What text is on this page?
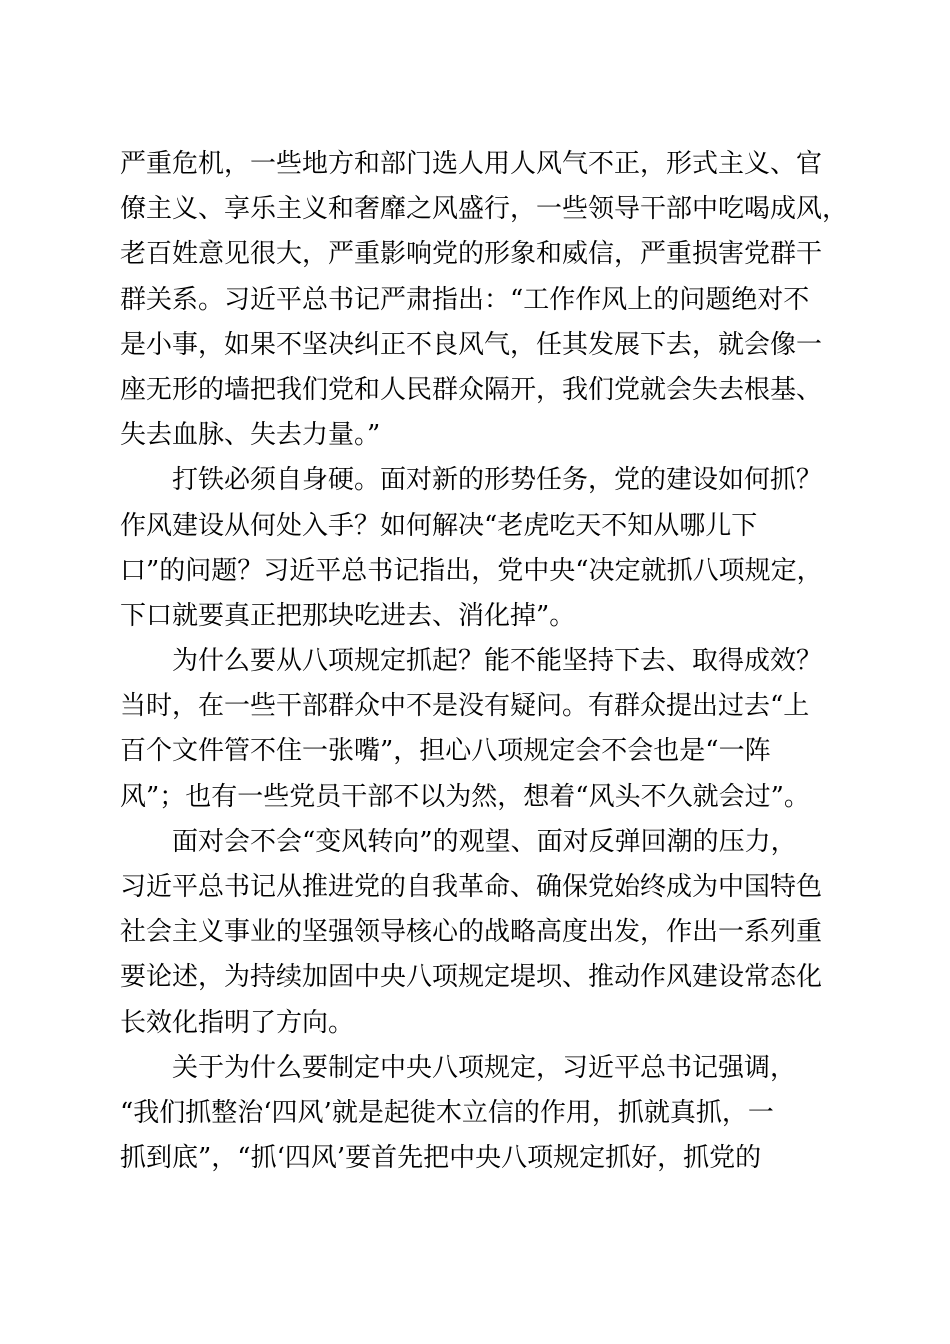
严重危机，一些地方和部门选人用人风气不正，形式主义、官
僚主义、享乐主义和奢靡之风盛行，一些领导干部中吃喝成风，
老百姓意见很大，严重影响党的形象和威信，严重损害党群干
群关系。习近平总书记严肃指出：“工作作风上的问题绝对不
是小事，如果不坚决纠正不良风气，任其发展下去，就会像一
座无形的墙把我们党和人民群众隔开，我们党就会失去根基、
失去血脉、失去力量。”
打铁必须自身硬。面对新的形势任务，党的建设如何抓？
作风建设从何处入手？如何解决“老虎吃天不知从哪儿下
口”的问题？习近平总书记指出，党中央“决定就抓八项规定，
下口就要真正把那块吃进去、消化掉”。
为什么要从八项规定抓起？能不能坚持下去、取得成效？
当时，在一些干部群众中不是没有疑问。有群众提出过去“上
百个文件管不住一张嘴”，担心八项规定会不会也是“一阵
风”；也有一些党员干部不以为然，想着“风头不久就会过”。
面对会不会“变风转向”的观望、面对反弹回潮的压力，
习近平总书记从推进党的自我革命、确保党始终成为中国特色
社会主义事业的坚强领导核心的战略高度出发，作出一系列重
要论述，为持续加固中央八项规定堤坝、推动作风建设常态化
长效化指明了方向。
关于为什么要制定中央八项规定，习近平总书记强调，
“我们抓整治‘四风’就是起徙木立信的作用，抓就真抓，一
抓到底”，“抓‘四风’要首先把中央八项规定抓好，抓党的
